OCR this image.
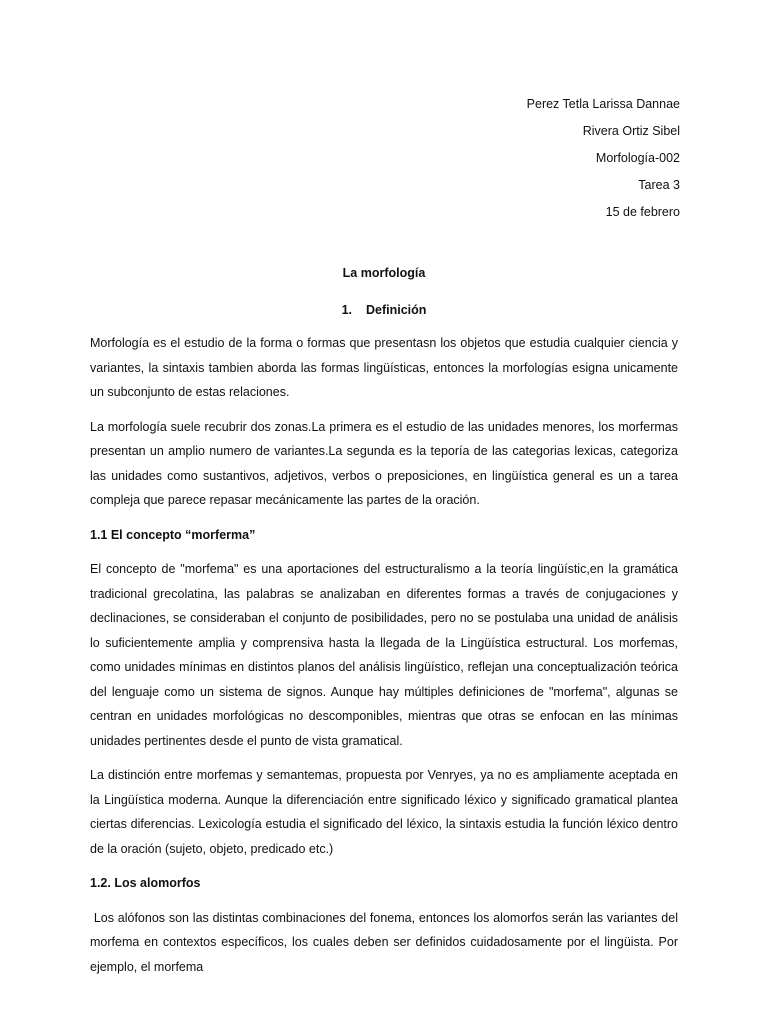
Perez Tetla Larissa Dannae
Rivera Ortiz Sibel
Morfología-002
Tarea 3
15 de febrero
La morfología
1. Definición

Morfología es el estudio de la forma o formas que presentasn los objetos que estudia cualquier ciencia y variantes, la sintaxis tambien aborda las formas lingüísticas, entonces la morfologías esigna unicamente un subconjunto de estas relaciones.

La morfología suele recubrir dos zonas.La primera es el estudio de las unidades menores, los morfermas presentan un amplio numero de variantes.La segunda es la teporía de las categorias lexicas, categoriza las unidades como sustantivos, adjetivos, verbos o preposiciones, en lingüística general es un a tarea compleja que parece repasar mecánicamente las partes de la oración.

1.1 El concepto “morferma”

El concepto de "morfema" es una aportaciones del estructuralismo a la teoría lingüístic,en la gramática tradicional grecolatina, las palabras se analizaban en diferentes formas a través de conjugaciones y declinaciones, se consideraban el conjunto de posibilidades, pero no se postulaba una unidad de análisis lo suficientemente amplia y comprensiva hasta la llegada de la Lingüística estructural. Los morfemas, como unidades mínimas en distintos planos del análisis lingüístico, reflejan una conceptualización teórica del lenguaje como un sistema de signos. Aunque hay múltiples definiciones de "morfema", algunas se centran en unidades morfológicas no descomponibles, mientras que otras se enfocan en las mínimas unidades pertinentes desde el punto de vista gramatical.

La distinción entre morfemas y semantemas, propuesta por Venryes, ya no es ampliamente aceptada en la Lingüística moderna. Aunque la diferenciación entre significado léxico y significado gramatical plantea ciertas diferencias. Lexicología estudia el significado del léxico, la sintaxis estudia la función léxico dentro de la oración (sujeto, objeto, predicado etc.)

1.2. Los alomorfos

Los alófonos son las distintas combinaciones del fonema, entonces los alomorfos serán las variantes del morfema en contextos específicos, los cuales deben ser definidos cuidadosamente por el lingüista. Por ejemplo, el morfema
